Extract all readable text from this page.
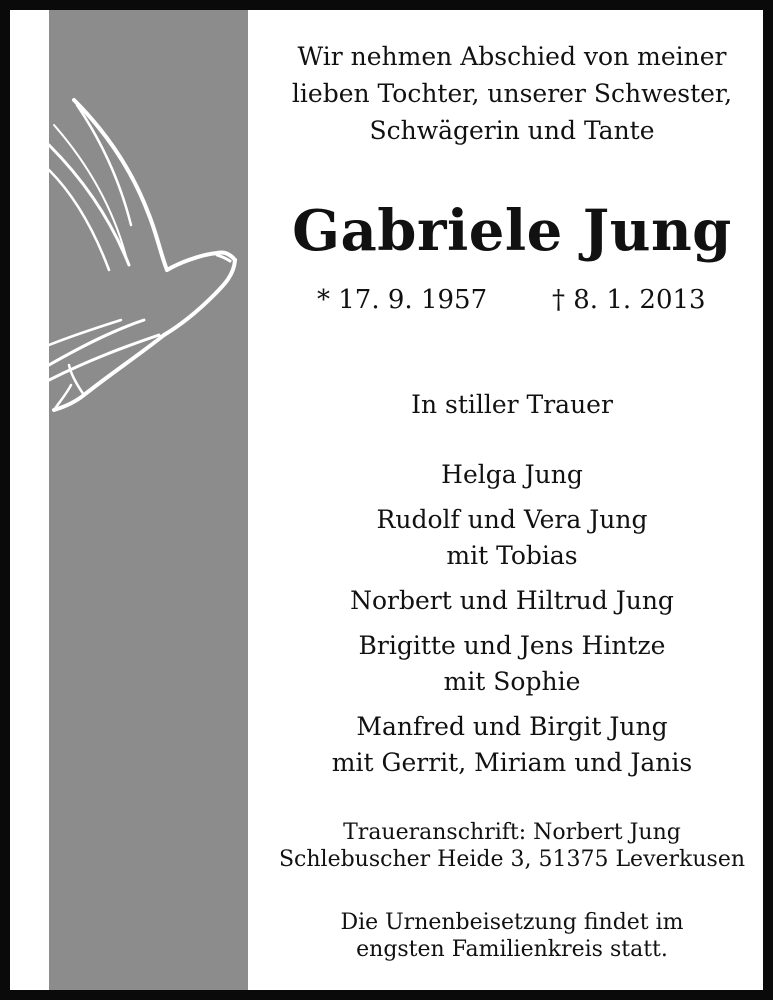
Wir nehmen Abschied von meiner
lieben Tochter, unserer Schwester,
Schwägerin und Tante
Gabriele Jung
* 17. 9. 1957 † 8. 1. 2013
In stiller Trauer
Helga Jung
Rudolf und Vera Jung
mit Tobias
Norbert und Hiltrud Jung
Brigitte und Jens Hintze
mit Sophie
Manfred und Birgit Jung
mit Gerrit, Miriam und Janis
Traueranschrift: Norbert Jung
Schlebuscher Heide 3, 51375 Leverkusen
Die Urnenbeisetzung findet im
engsten Familienkreis statt.
